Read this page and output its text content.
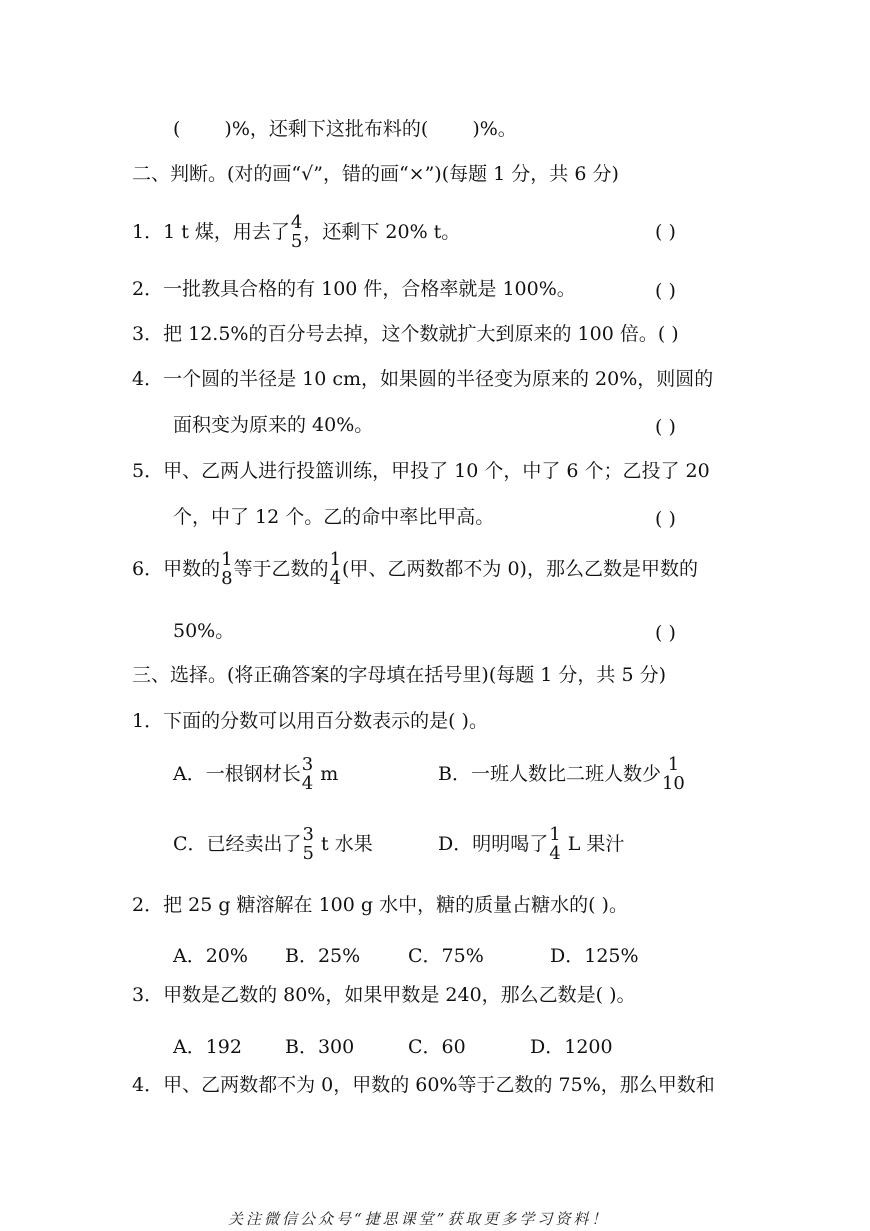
( )%，还剩下这批布料的( )%。
二、判断。(对的画“√”，错的画“×”)(每题 1 分，共 6 分)
1．1 t 煤，用去了 4
5 ，还剩下 20% t。	( )
2．一批教具合格的有 100 件，合格率就是 100%。	( )
3．把 12.5%的百分号去掉，这个数就扩大到原来的 100 倍。( )
4．一个圆的半径是 10 cm，如果圆的半径变为原来的 20%，则圆的
面积变为原来的 40%。	( )
5．甲、乙两人进行投篮训练，甲投了 10 个，中了 6 个；乙投了 20
个，中了 12 个。乙的命中率比甲高。	( )
6．甲数的 1
8 等于乙数的 1
4 (甲、乙两数都不为 0)，那么乙数是甲数的
50%。	( )
三、选择。(将正确答案的字母填在括号里)(每题 1 分，共 5 分)
1．下面的分数可以用百分数表示的是( )。
A．一根钢材长 3
4 m	B．一班人数比二班人数少 1
10
C．已经卖出了 3
5 t 水果	D．明明喝了 1
4 L 果汁
2．把 25 g 糖溶解在 100 g 水中，糖的质量占糖水的( )。
A．20% B．25%	C．75%	D．125%
3．甲数是乙数的 80%，如果甲数是 240，那么乙数是( )。
A．192 B．300	C．60	D．1200
4．甲、乙两数都不为 0，甲数的 60%等于乙数的 75%，那么甲数和
关注微信公众号“捷思课堂”获取更多学习资料！
